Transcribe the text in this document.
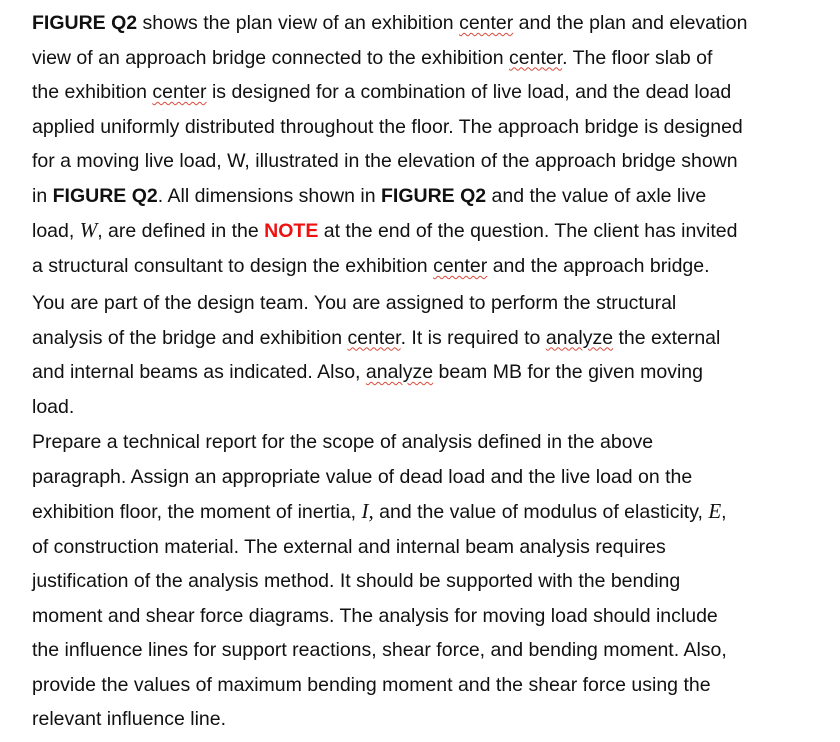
FIGURE Q2 shows the plan view of an exhibition center and the plan and elevation
view of an approach bridge connected to the exhibition center. The floor slab of
the exhibition center is designed for a combination of live load, and the dead load
applied uniformly distributed throughout the floor. The approach bridge is designed
for a moving live load, W, illustrated in the elevation of the approach bridge shown
in FIGURE Q2. All dimensions shown in FIGURE Q2 and the value of axle live
load, W, are defined in the NOTE at the end of the question. The client has invited
a structural consultant to design the exhibition center and the approach bridge.
You are part of the design team. You are assigned to perform the structural
analysis of the bridge and exhibition center. It is required to analyze the external
and internal beams as indicated. Also, analyze beam MB for the given moving
load.
Prepare a technical report for the scope of analysis defined in the above
paragraph. Assign an appropriate value of dead load and the live load on the
exhibition floor, the moment of inertia, I, and the value of modulus of elasticity, E,
of construction material. The external and internal beam analysis requires
justification of the analysis method. It should be supported with the bending
moment and shear force diagrams. The analysis for moving load should include
the influence lines for support reactions, shear force, and bending moment. Also,
provide the values of maximum bending moment and the shear force using the
relevant influence line.
